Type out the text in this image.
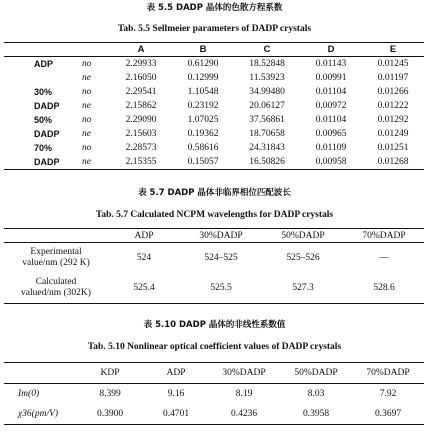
表 5.5 DADP 晶体的色散方程系数

Tab. 5.5 Sellmeier parameters of DADP crystals

		A	B	C	D	E
ADP	no	2.29933	0.61290	18.52848	0.01143	0.01245
	ne	2.16050	0.12999	11.53923	0.00991	0.01197
30%	no	2.29541	1.10548	34.99480	0.01104	0.01266
DADP	ne	2.15862	0.23192	20.06127	0.00972	0.01222
50%	no	2.29090	1.07025	37.56861	0.01104	0.01292
DADP	ne	2.15603	0.19362	18.70658	0.00965	0.01249
70%	no	2.28573	0.58616	24.31843	0.01109	0.01251
DADP	ne	2.15355	0.15057	16.50826	0.00958	0.01268

表 5.7 DADP 晶体非临界相位匹配波长

Tab. 5.7 Calculated NCPM wavelengths for DADP crystals

	ADP	30%DADP	50%DADP	70%DADP

Experimental
value/nm (292 K)	524	524–525	525–526	—

Calculated
valued/nm (302K)	525.4	525.5	527.3	528.6

表 5.10 DADP 晶体的非线性系数值

Tab. 5.10 Nonlinear optical coefficient values of DADP crystals

	KDP	ADP	30%DADP	50%DADP	70%DADP
Im(0)	8.399	9.16	8.19	8.03	7.92
χ36(pm/V)	0.3900	0.4701	0.4236	0.3958	0.3697
